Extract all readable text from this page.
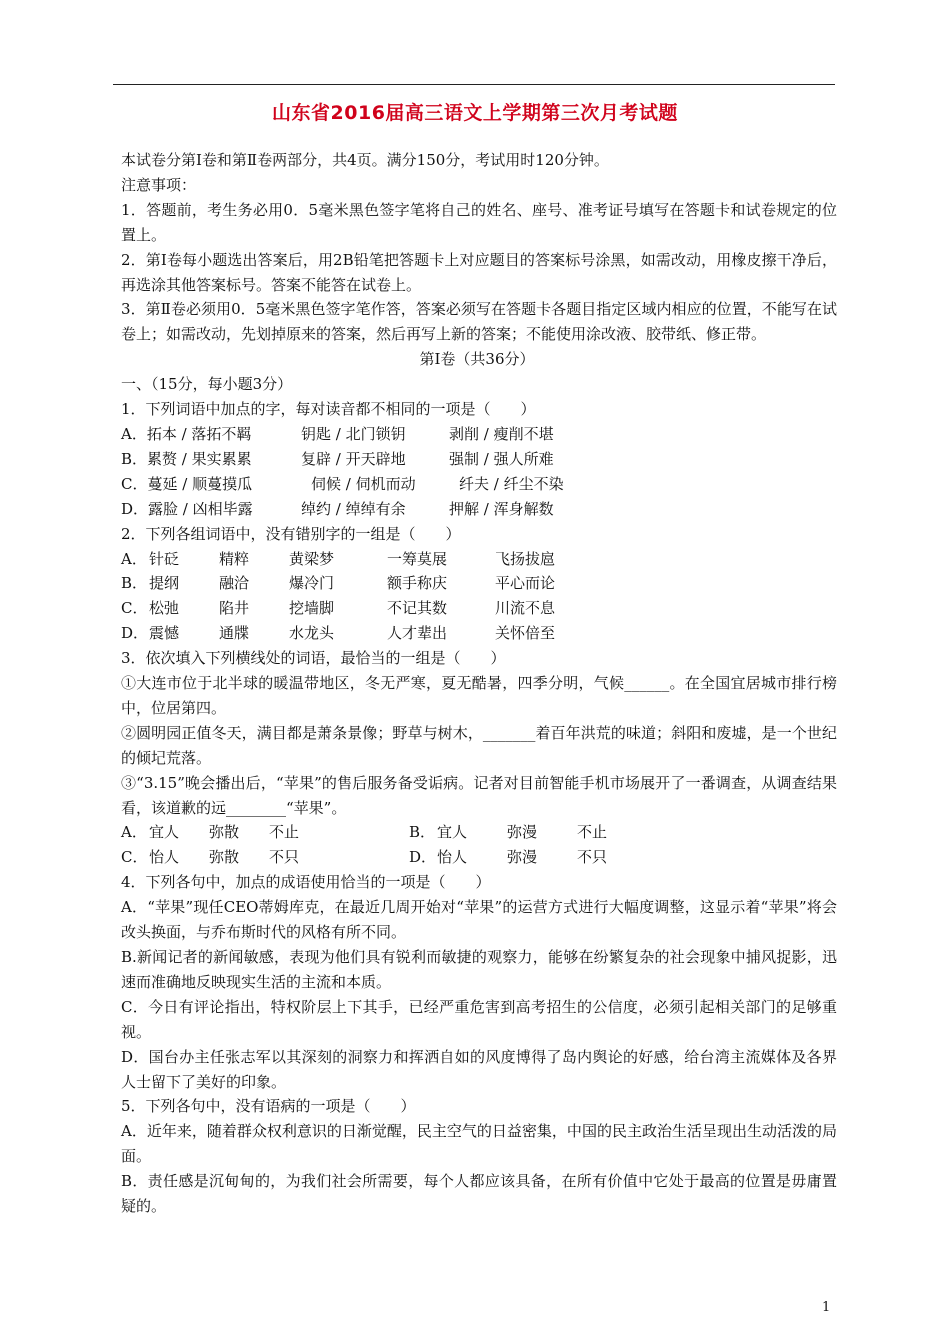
山东省2016届高三语文上学期第三次月考试题

本试卷分第Ⅰ卷和第Ⅱ卷两部分，共4页。满分150分，考试用时120分钟。

注意事项：

1．答题前，考生务必用0．5毫米黑色签字笔将自己的姓名、座号、准考证号填写在答题卡和试卷规定的位置上。

2．第Ⅰ卷每小题选出答案后，用2B铅笔把答题卡上对应题目的答案标号涂黑，如需改动，用橡皮擦干净后，再选涂其他答案标号。答案不能答在试卷上。

3．第Ⅱ卷必须用0．5毫米黑色签字笔作答，答案必须写在答题卡各题目指定区域内相应的位置，不能写在试卷上；如需改动，先划掉原来的答案，然后再写上新的答案；不能使用涂改液、胶带纸、修正带。

第Ⅰ卷（共36分）

一、（15分，每小题3分）

1．下列词语中加点的字，每对读音都不相同的一项是（　　）

A．拓本 / 落拓不羁	钥匙 / 北门锁钥	剥削 / 瘦削不堪
B．累赘 / 果实累累	复辟 / 开天辟地	强制 / 强人所难
C．蔓延 / 顺蔓摸瓜	伺候 / 伺机而动	纤夫 / 纤尘不染
D．露脸 / 凶相毕露	绰约 / 绰绰有余	押解 / 浑身解数

2．下列各组词语中，没有错别字的一组是（　　）

A． 针砭	精粹	黄梁梦	一筹莫展	飞扬拔扈
B． 提纲	融洽	爆冷门	额手称庆	平心而论
C． 松弛	陷井	挖墙脚	不记其数	川流不息
D． 震憾	通牒	水龙头	人才辈出	关怀倍至

3．依次填入下列横线处的词语，最恰当的一组是（　　）

①大连市位于北半球的暖温带地区，冬无严寒，夏无酷暑，四季分明，气候______。在全国宜居城市排行榜中，位居第四。

②圆明园正值冬天，满目都是萧条景像；野草与树木，_______着百年洪荒的味道；斜阳和废墟，是一个世纪的倾圮荒落。

③“3.15”晚会播出后，“苹果”的售后服务备受诟病。记者对目前智能手机市场展开了一番调查，从调查结果看，该道歉的远________“苹果”。

A． 宜人	弥散	不止	B． 宜人	弥漫	不止
C． 怡人	弥散	不只	D． 怡人	弥漫	不只

4．下列各句中，加点的成语使用恰当的一项是（　　）

A．“苹果”现任CEO蒂姆库克，在最近几周开始对“苹果”的运营方式进行大幅度调整，这显示着“苹果”将会改头换面，与乔布斯时代的风格有所不同。

B.新闻记者的新闻敏感，表现为他们具有锐利而敏捷的观察力，能够在纷繁复杂的社会现象中捕风捉影，迅速而准确地反映现实生活的主流和本质。

C．今日有评论指出，特权阶层上下其手，已经严重危害到高考招生的公信度，必须引起相关部门的足够重视。

D．国台办主任张志军以其深刻的洞察力和挥洒自如的风度博得了岛内舆论的好感，给台湾主流媒体及各界人士留下了美好的印象。

5．下列各句中，没有语病的一项是（　　）

A．近年来，随着群众权利意识的日渐觉醒，民主空气的日益密集，中国的民主政治生活呈现出生动活泼的局面。

B．责任感是沉甸甸的，为我们社会所需要，每个人都应该具备，在所有价值中它处于最高的位置是毋庸置疑的。

1
